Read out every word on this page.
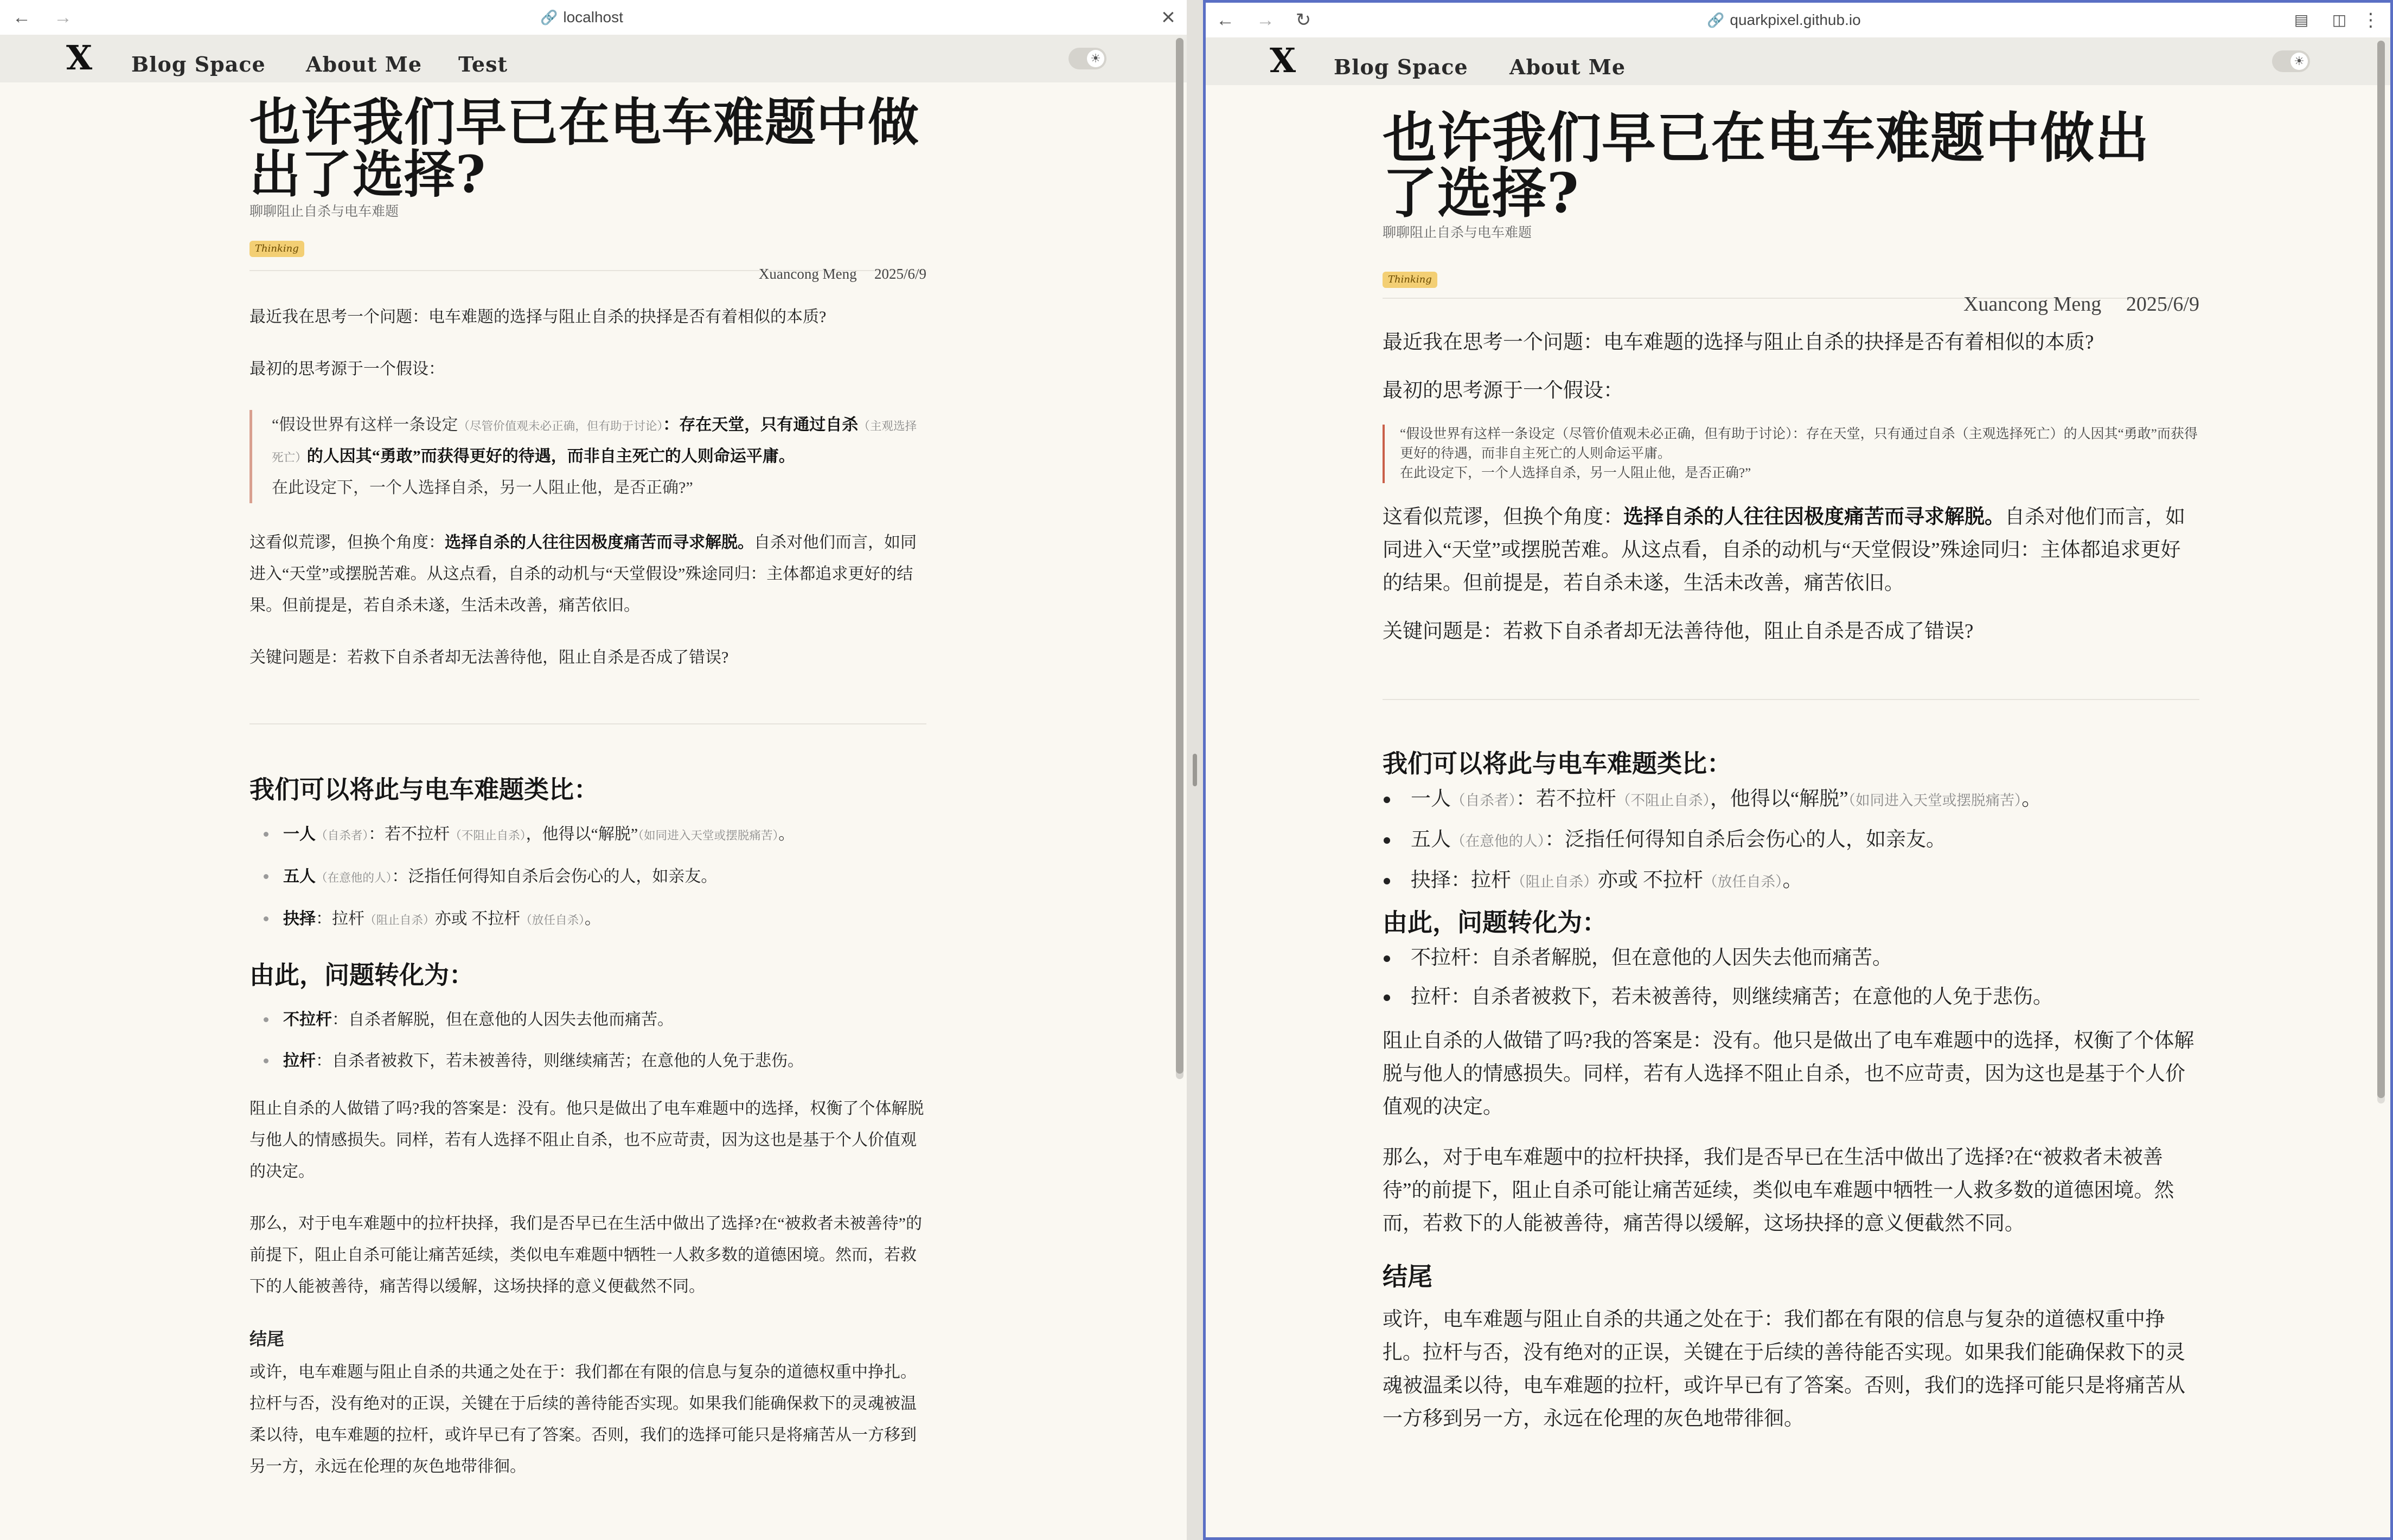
← →	🔗 localhost	×
X Blog Space About Me Test	☀
也许我们早已在电车难题中做出了选择?
聊聊阻止自杀与电车难题
Thinking
Xuancong Meng 2025/6/9

最近我在思考一个问题：电车难题的选择与阻止自杀的抉择是否有着相似的本质?

最初的思考源于一个假设：

“假设世界有这样一条设定（尽管价值观未必正确，但有助于讨论）：存在天堂，只有通过自杀（主观选择死亡）的人因其“勇敢”而获得更好的待遇，而非自主死亡的人则命运平庸。
在此设定下，一个人选择自杀，另一人阻止他，是否正确?”

这看似荒谬，但换个角度：选择自杀的人往往因极度痛苦而寻求解脱。自杀对他们而言，如同进入“天堂”或摆脱苦难。从这点看，自杀的动机与“天堂假设”殊途同归：主体都追求更好的结果。但前提是，若自杀未遂，生活未改善，痛苦依旧。

关键问题是：若救下自杀者却无法善待他，阻止自杀是否成了错误?

我们可以将此与电车难题类比：
一人（自杀者）：若不拉杆（不阻止自杀），他得以“解脱”（如同进入天堂或摆脱痛苦）。
五人（在意他的人）：泛指任何得知自杀后会伤心的人，如亲友。
抉择：拉杆（阻止自杀）亦或 不拉杆（放任自杀）。
由此，问题转化为：
不拉杆：自杀者解脱，但在意他的人因失去他而痛苦。
拉杆：自杀者被救下，若未被善待，则继续痛苦；在意他的人免于悲伤。

阻止自杀的人做错了吗?我的答案是：没有。他只是做出了电车难题中的选择，权衡了个体解脱与他人的情感损失。同样，若有人选择不阻止自杀，也不应苛责，因为这也是基于个人价值观的决定。

那么，对于电车难题中的拉杆抉择，我们是否早已在生活中做出了选择?在“被救者未被善待”的前提下，阻止自杀可能让痛苦延续，类似电车难题中牺牲一人救多数的道德困境。然而，若救下的人能被善待，痛苦得以缓解，这场抉择的意义便截然不同。

结尾

或许，电车难题与阻止自杀的共通之处在于：我们都在有限的信息与复杂的道德权重中挣扎。拉杆与否，没有绝对的正误，关键在于后续的善待能否实现。如果我们能确保救下的灵魂被温柔以待，电车难题的拉杆，或许早已有了答案。否则，我们的选择可能只是将痛苦从一方移到另一方，永远在伦理的灰色地带徘徊。

← → ↻	🔗 quarkpixel.github.io	▤ ◫ ⋮
X Blog Space About Me	☀
也许我们早已在电车难题中做出了选择?
聊聊阻止自杀与电车难题
Thinking
Xuancong Meng 2025/6/9

最近我在思考一个问题：电车难题的选择与阻止自杀的抉择是否有着相似的本质?

最初的思考源于一个假设：

“假设世界有这样一条设定（尽管价值观未必正确，但有助于讨论）：存在天堂，只有通过自杀（主观选择死亡）的人因其“勇敢”而获得更好的待遇，而非自主死亡的人则命运平庸。
在此设定下，一个人选择自杀，另一人阻止他，是否正确?”

这看似荒谬，但换个角度：选择自杀的人往往因极度痛苦而寻求解脱。自杀对他们而言，如同进入“天堂”或摆脱苦难。从这点看，自杀的动机与“天堂假设”殊途同归：主体都追求更好的结果。但前提是，若自杀未遂，生活未改善，痛苦依旧。

关键问题是：若救下自杀者却无法善待他，阻止自杀是否成了错误?

我们可以将此与电车难题类比：
一人（自杀者）：若不拉杆（不阻止自杀），他得以“解脱”（如同进入天堂或摆脱痛苦）。
五人（在意他的人）：泛指任何得知自杀后会伤心的人，如亲友。
抉择：拉杆（阻止自杀）亦或 不拉杆（放任自杀）。
由此，问题转化为：
不拉杆：自杀者解脱，但在意他的人因失去他而痛苦。
拉杆：自杀者被救下，若未被善待，则继续痛苦；在意他的人免于悲伤。

阻止自杀的人做错了吗?我的答案是：没有。他只是做出了电车难题中的选择，权衡了个体解脱与他人的情感损失。同样，若有人选择不阻止自杀，也不应苛责，因为这也是基于个人价值观的决定。

那么，对于电车难题中的拉杆抉择，我们是否早已在生活中做出了选择?在“被救者未被善待”的前提下，阻止自杀可能让痛苦延续，类似电车难题中牺牲一人救多数的道德困境。然而，若救下的人能被善待，痛苦得以缓解，这场抉择的意义便截然不同。

结尾

或许，电车难题与阻止自杀的共通之处在于：我们都在有限的信息与复杂的道德权重中挣扎。拉杆与否，没有绝对的正误，关键在于后续的善待能否实现。如果我们能确保救下的灵魂被温柔以待，电车难题的拉杆，或许早已有了答案。否则，我们的选择可能只是将痛苦从一方移到另一方，永远在伦理的灰色地带徘徊。
